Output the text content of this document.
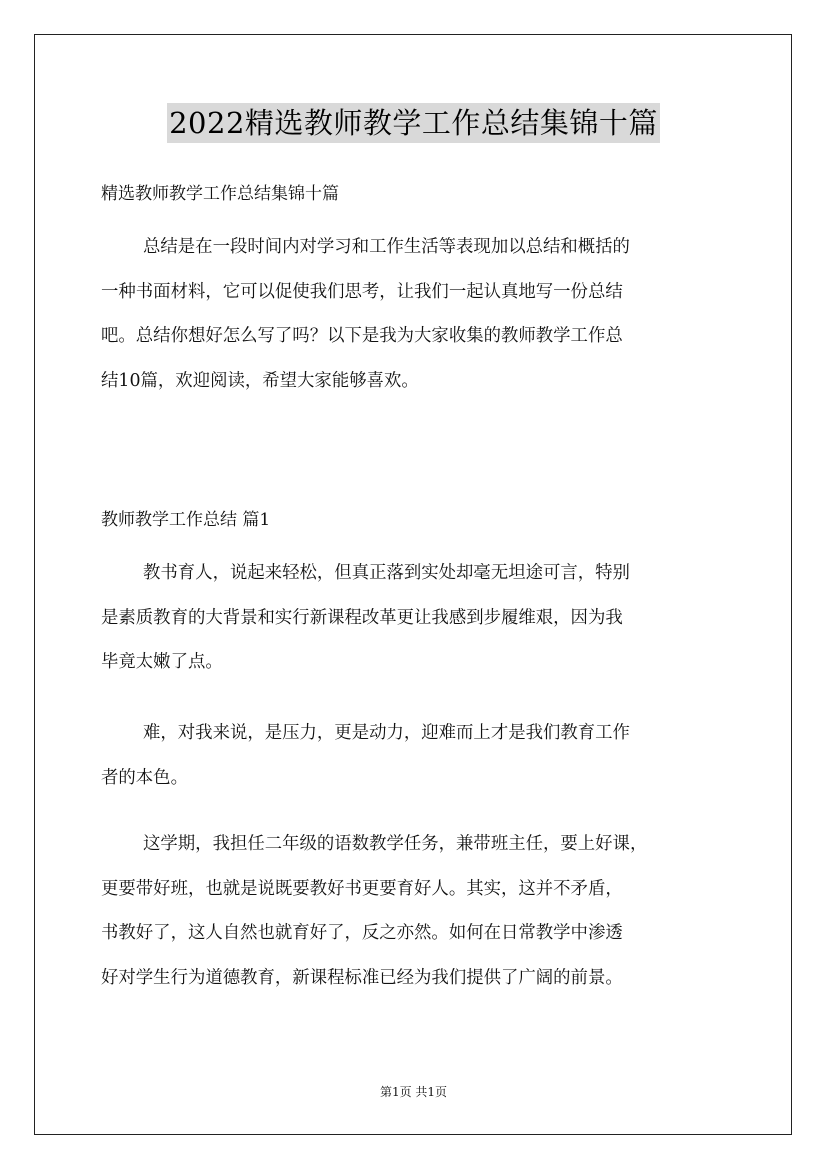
2022精选教师教学工作总结集锦十篇
精选教师教学工作总结集锦十篇
总结是在一段时间内对学习和工作生活等表现加以总结和概括的
一种书面材料，它可以促使我们思考，让我们一起认真地写一份总结
吧。总结你想好怎么写了吗？以下是我为大家收集的教师教学工作总
结10篇，欢迎阅读，希望大家能够喜欢。
教师教学工作总结 篇1
教书育人，说起来轻松，但真正落到实处却毫无坦途可言，特别
是素质教育的大背景和实行新课程改革更让我感到步履维艰，因为我
毕竟太嫩了点。
难，对我来说，是压力，更是动力，迎难而上才是我们教育工作
者的本色。
这学期，我担任二年级的语数教学任务，兼带班主任，要上好课，
更要带好班，也就是说既要教好书更要育好人。其实，这并不矛盾，
书教好了，这人自然也就育好了，反之亦然。如何在日常教学中渗透
好对学生行为道德教育，新课程标准已经为我们提供了广阔的前景。
第1页 共1页
